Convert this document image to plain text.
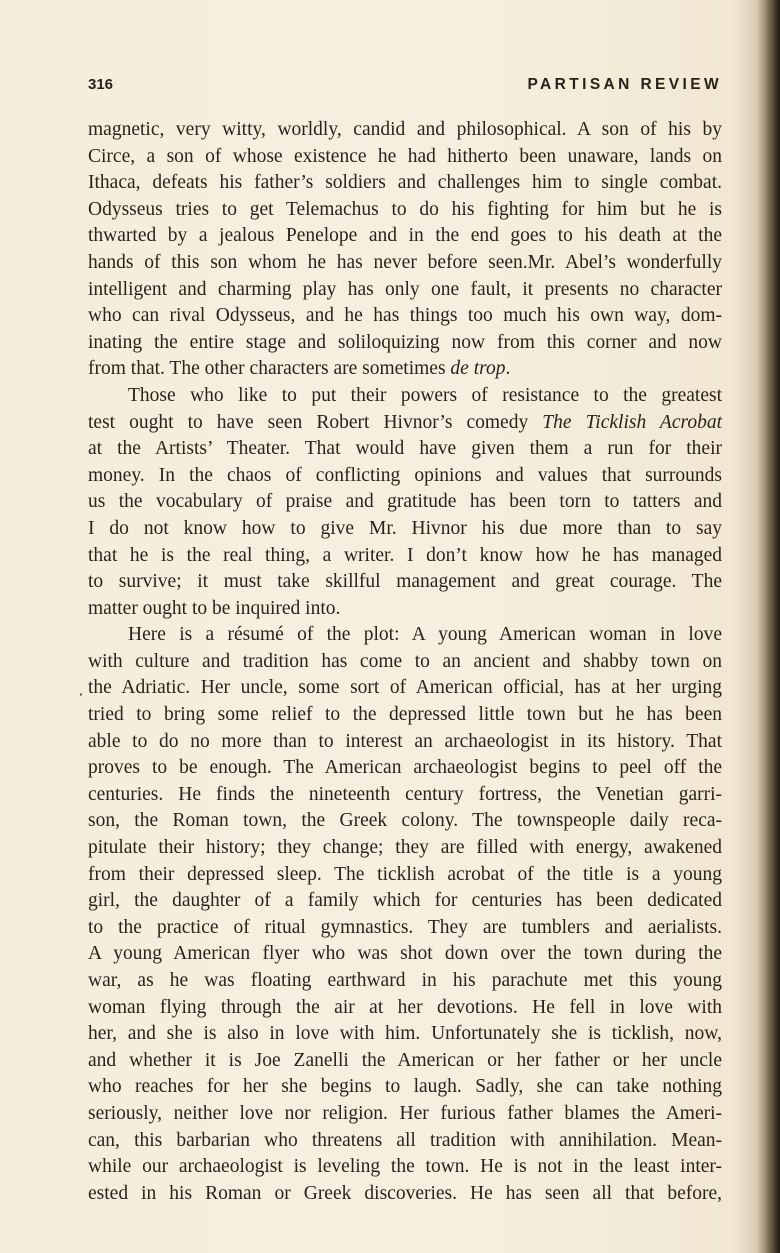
316	PARTISAN REVIEW
magnetic, very witty, worldly, candid and philosophical. A son of his by
Circe, a son of whose existence he had hitherto been unaware, lands on
Ithaca, defeats his father’s soldiers and challenges him to single combat.
Odysseus tries to get Telemachus to do his fighting for him but he is
thwarted by a jealous Penelope and in the end goes to his death at the
hands of this son whom he has never before seen.Mr. Abel’s wonderfully
intelligent and charming play has only one fault, it presents no character
who can rival Odysseus, and he has things too much his own way, dom-
inating the entire stage and soliloquizing now from this corner and now
from that. The other characters are sometimes de trop.
Those who like to put their powers of resistance to the greatest
test ought to have seen Robert Hivnor’s comedy The Ticklish Acrobat
at the Artists’ Theater. That would have given them a run for their
money. In the chaos of conflicting opinions and values that surrounds
us the vocabulary of praise and gratitude has been torn to tatters and
I do not know how to give Mr. Hivnor his due more than to say
that he is the real thing, a writer. I don’t know how he has managed
to survive; it must take skillful management and great courage. The
matter ought to be inquired into.
Here is a résumé of the plot: A young American woman in love
with culture and tradition has come to an ancient and shabby town on
the Adriatic. Her uncle, some sort of American official, has at her urging
tried to bring some relief to the depressed little town but he has been
able to do no more than to interest an archaeologist in its history. That
proves to be enough. The American archaeologist begins to peel off the
centuries. He finds the nineteenth century fortress, the Venetian garri-
son, the Roman town, the Greek colony. The townspeople daily reca-
pitulate their history; they change; they are filled with energy, awakened
from their depressed sleep. The ticklish acrobat of the title is a young
girl, the daughter of a family which for centuries has been dedicated
to the practice of ritual gymnastics. They are tumblers and aerialists.
A young American flyer who was shot down over the town during the
war, as he was floating earthward in his parachute met this young
woman flying through the air at her devotions. He fell in love with
her, and she is also in love with him. Unfortunately she is ticklish, now,
and whether it is Joe Zanelli the American or her father or her uncle
who reaches for her she begins to laugh. Sadly, she can take nothing
seriously, neither love nor religion. Her furious father blames the Ameri-
can, this barbarian who threatens all tradition with annihilation. Mean-
while our archaeologist is leveling the town. He is not in the least inter-
ested in his Roman or Greek discoveries. He has seen all that before,
